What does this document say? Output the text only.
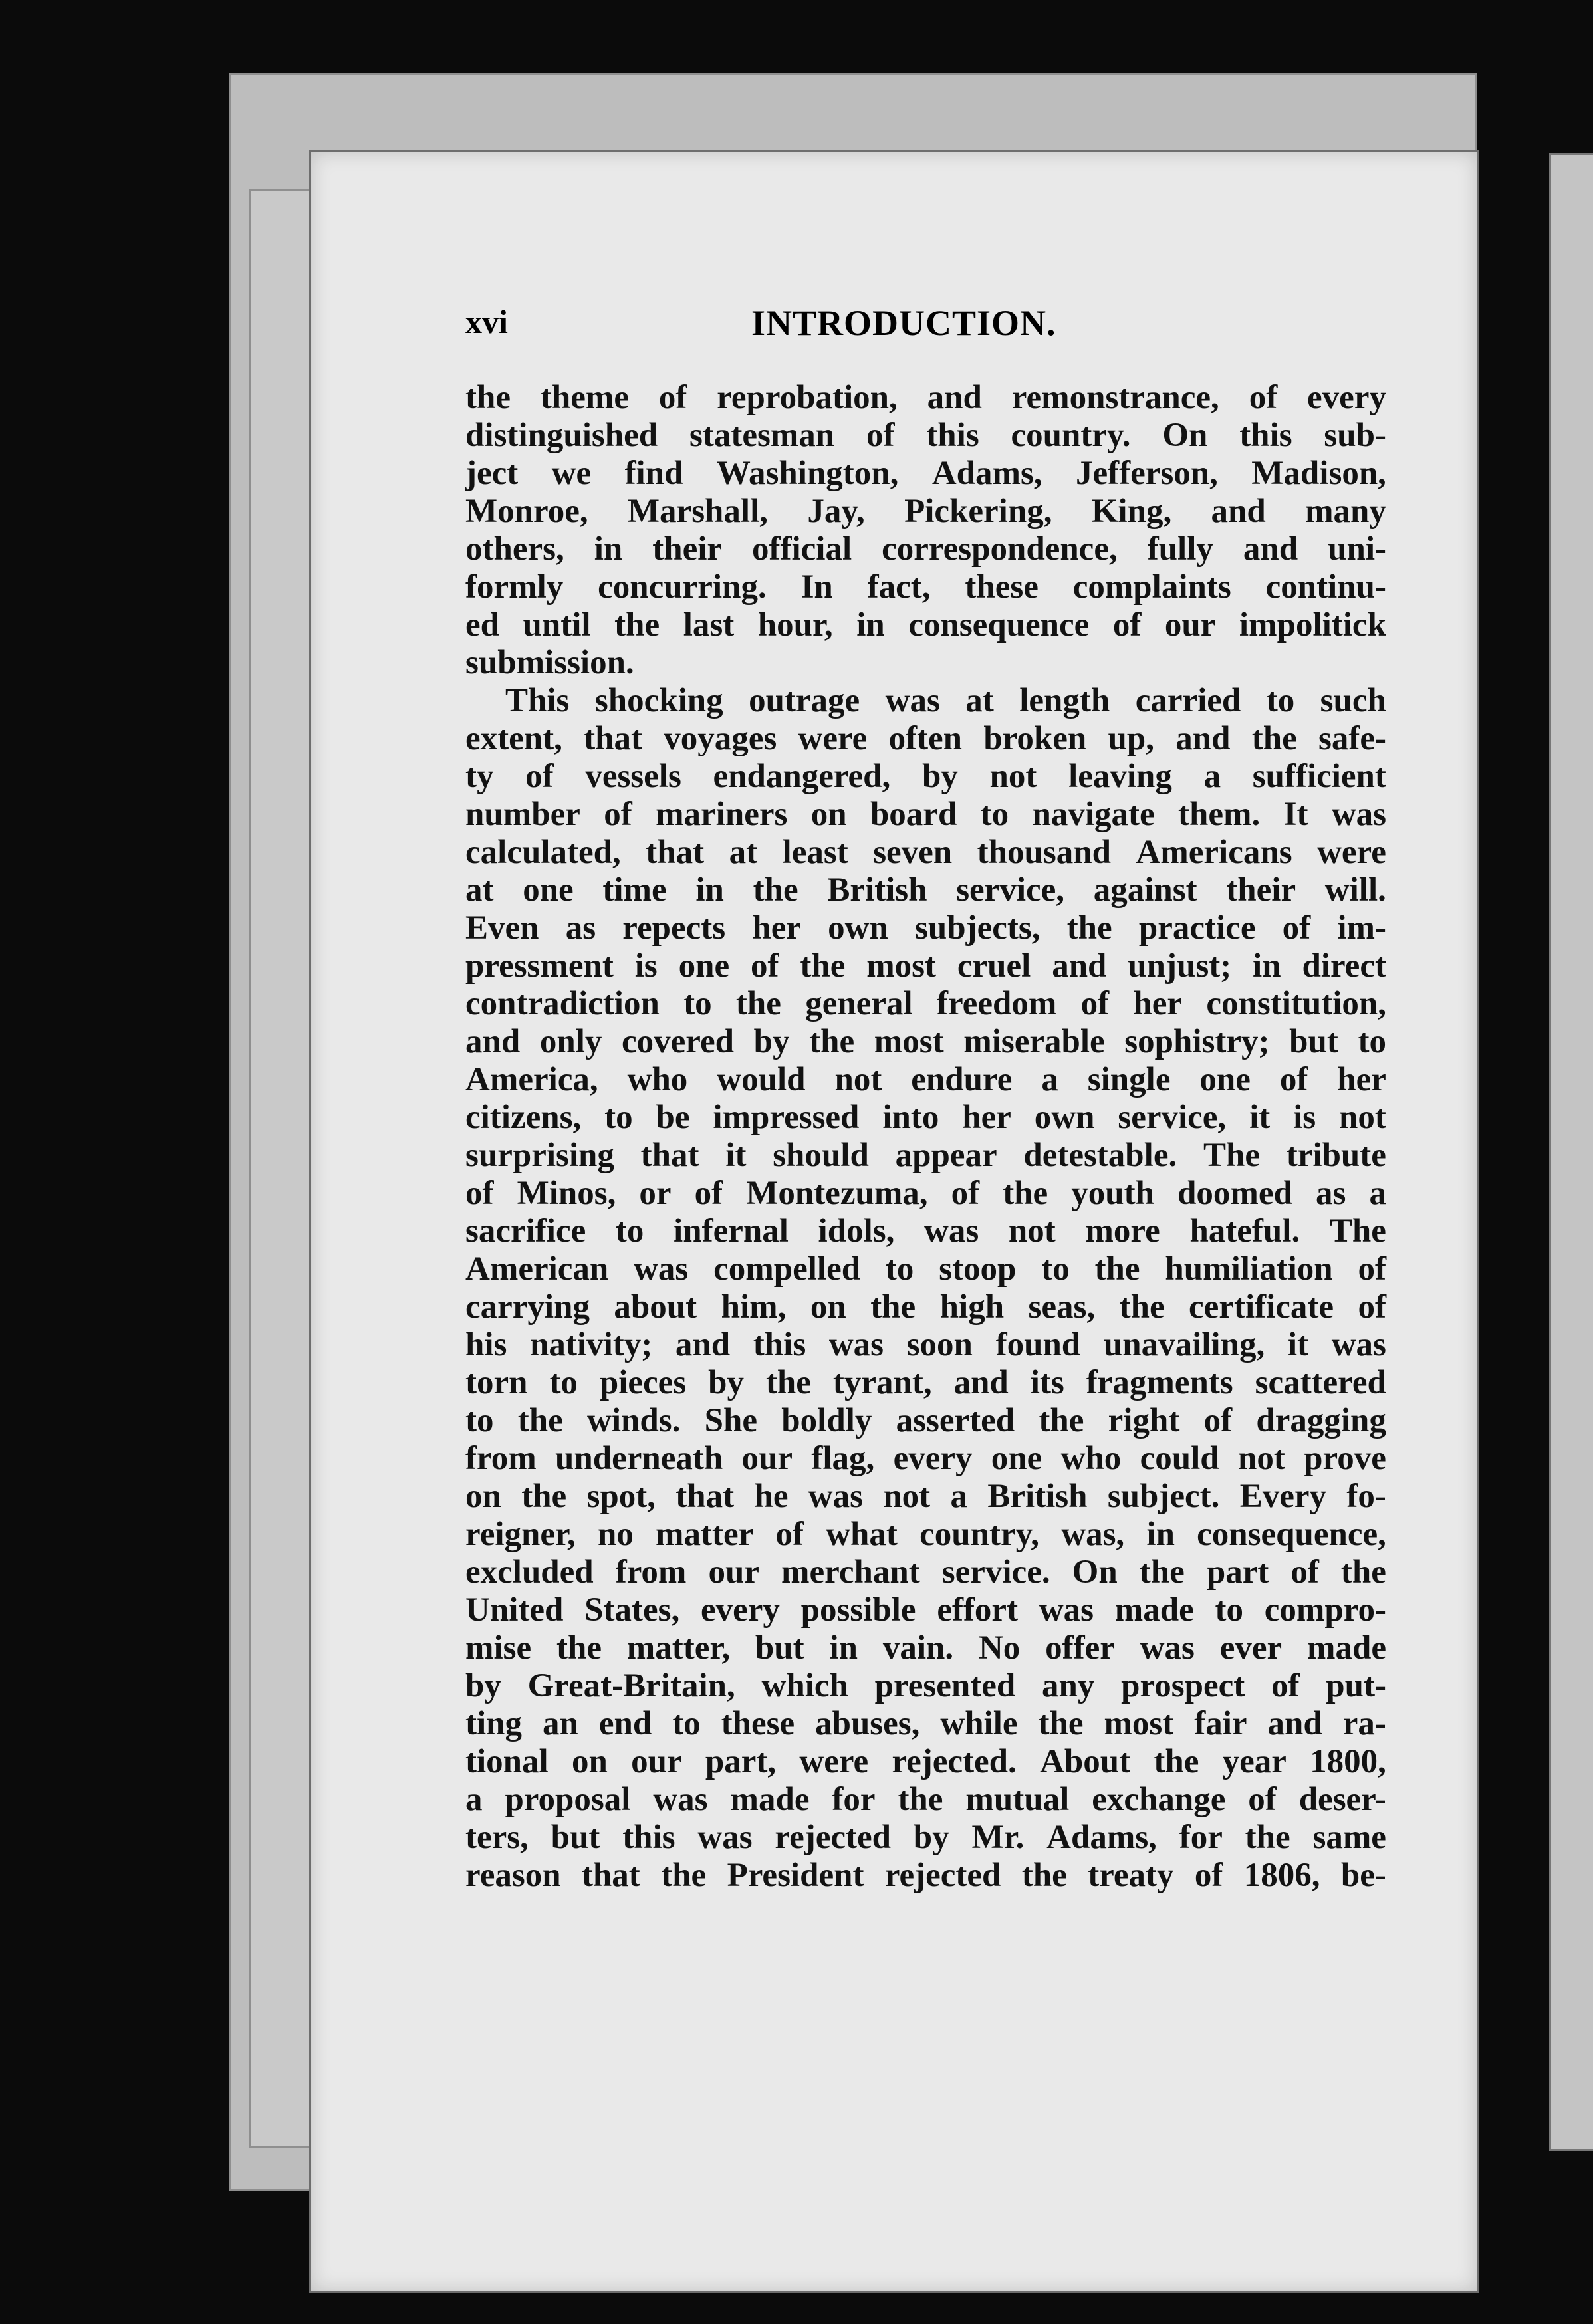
xvi	INTRODUCTION.
the theme of reprobation, and remonstrance, of every
distinguished statesman of this country. On this sub-
ject we find Washington, Adams, Jefferson, Madison,
Monroe, Marshall, Jay, Pickering, King, and many
others, in their official correspondence, fully and uni-
formly concurring. In fact, these complaints continu-
ed until the last hour, in consequence of our impolitick
submission.
This shocking outrage was at length carried to such
extent, that voyages were often broken up, and the safe-
ty of vessels endangered, by not leaving a sufficient
number of mariners on board to navigate them. It was
calculated, that at least seven thousand Americans were
at one time in the British service, against their will.
Even as repects her own subjects, the practice of im-
pressment is one of the most cruel and unjust; in direct
contradiction to the general freedom of her constitution,
and only covered by the most miserable sophistry; but to
America, who would not endure a single one of her
citizens, to be impressed into her own service, it is not
surprising that it should appear detestable. The tribute
of Minos, or of Montezuma, of the youth doomed as a
sacrifice to infernal idols, was not more hateful. The
American was compelled to stoop to the humiliation of
carrying about him, on the high seas, the certificate of
his nativity; and this was soon found unavailing, it was
torn to pieces by the tyrant, and its fragments scattered
to the winds. She boldly asserted the right of dragging
from underneath our flag, every one who could not prove
on the spot, that he was not a British subject. Every fo-
reigner, no matter of what country, was, in consequence,
excluded from our merchant service. On the part of the
United States, every possible effort was made to compro-
mise the matter, but in vain. No offer was ever made
by Great-Britain, which presented any prospect of put-
ting an end to these abuses, while the most fair and ra-
tional on our part, were rejected. About the year 1800,
a proposal was made for the mutual exchange of deser-
ters, but this was rejected by Mr. Adams, for the same
reason that the President rejected the treaty of 1806, be-
